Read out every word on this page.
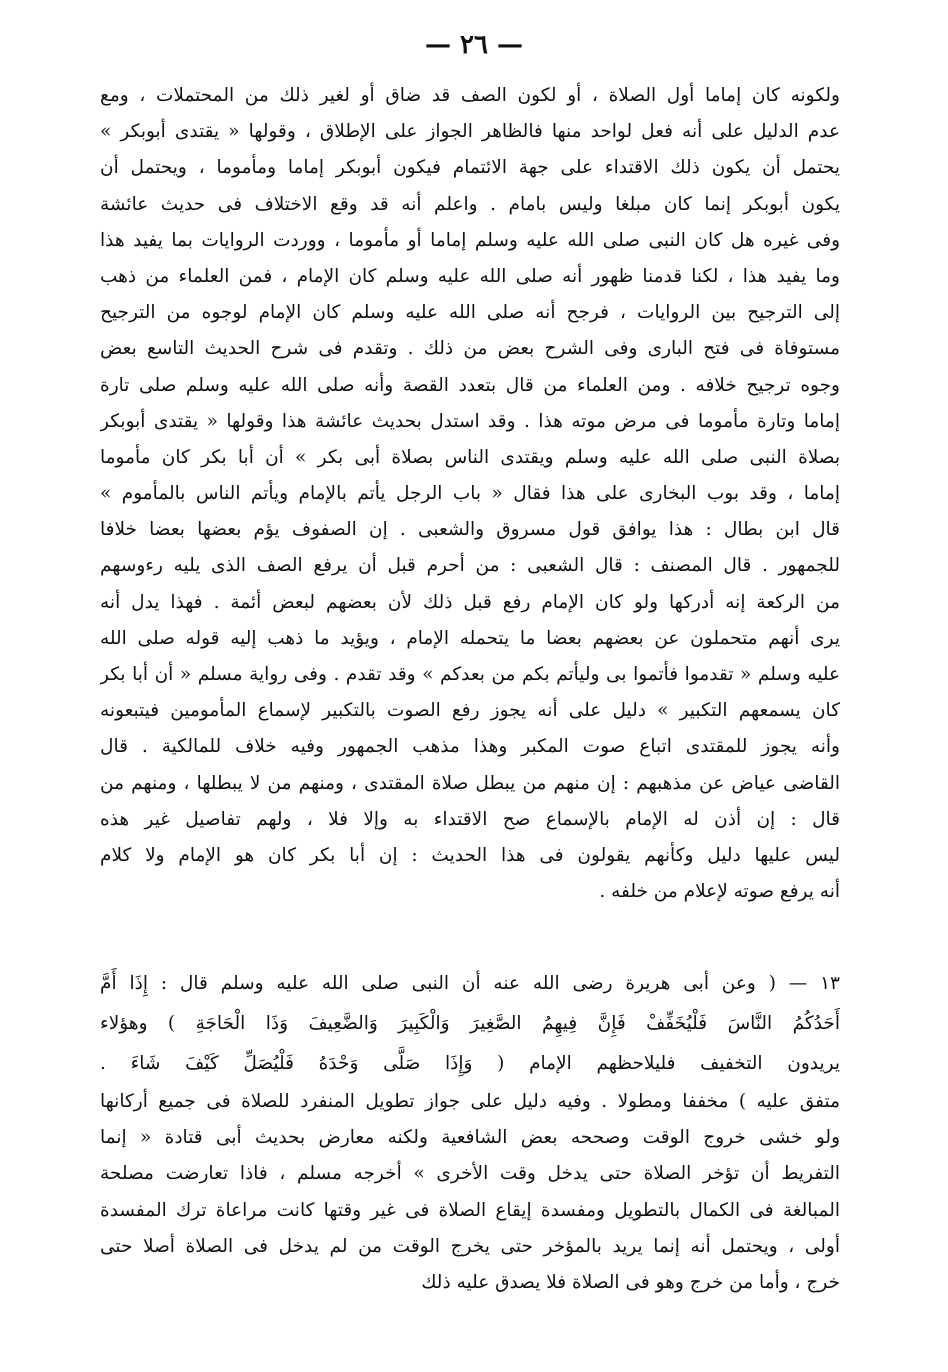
— ٢٦ —
ولكونه كان إماما أول الصلاة ، أو لكون الصف قد ضاق أو لغير ذلك من المحتملات ، ومع
عدم الدليل على أنه فعل لواحد منها فالظاهر الجواز على الإطلاق ، وقولها « يقتدى أبوبكر »
يحتمل أن يكون ذلك الاقتداء على جهة الائتمام فيكون أبوبكر إماما ومأموما ، ويحتمل أن
يكون أبوبكر إنما كان مبلغا وليس بامام . واعلم أنه قد وقع الاختلاف فى حديث عائشة
وفى غيره هل كان النبى صلى الله عليه وسلم إماما أو مأموما ، ووردت الروايات بما يفيد هذا
وما يفيد هذا ، لكنا قدمنا ظهور أنه صلى الله عليه وسلم كان الإمام ، فمن العلماء من ذهب
إلى الترجيح بين الروايات ، فرجح أنه صلى الله عليه وسلم كان الإمام لوجوه من الترجيح
مستوفاة فى فتح البارى وفى الشرح بعض من ذلك . وتقدم فى شرح الحديث التاسع بعض
وجوه ترجيح خلافه . ومن العلماء من قال بتعدد القصة وأنه صلى الله عليه وسلم صلى تارة
إماما وتارة مأموما فى مرض موته هذا . وقد استدل بحديث عائشة هذا وقولها « يقتدى أبوبكر
بصلاة النبى صلى الله عليه وسلم ويقتدى الناس بصلاة أبى بكر » أن أبا بكر كان مأموما
إماما ، وقد بوب البخارى على هذا فقال « باب الرجل يأتم بالإمام ويأتم الناس بالمأموم »
قال ابن بطال : هذا يوافق قول مسروق والشعبى . إن الصفوف يؤم بعضها بعضا خلافا
للجمهور . قال المصنف : قال الشعبى : من أحرم قبل أن يرفع الصف الذى يليه رءوسهم
من الركعة إنه أدركها ولو كان الإمام رفع قبل ذلك لأن بعضهم لبعض أئمة . فهذا يدل أنه
يرى أنهم متحملون عن بعضهم بعضا ما يتحمله الإمام ، ويؤيد ما ذهب إليه قوله صلى الله
عليه وسلم « تقدموا فأتموا بى وليأتم بكم من بعدكم » وقد تقدم . وفى رواية مسلم « أن أبا بكر
كان يسمعهم التكبير » دليل على أنه يجوز رفع الصوت بالتكبير لإسماع المأمومين فيتبعونه
وأنه يجوز للمقتدى اتباع صوت المكبر وهذا مذهب الجمهور وفيه خلاف للمالكية . قال
القاضى عياض عن مذهبهم : إن منهم من يبطل صلاة المقتدى ، ومنهم من لا يبطلها ، ومنهم من
قال : إن أذن له الإمام بالإسماع صح الاقتداء به وإلا فلا ، ولهم تفاصيل غير هذه
ليس عليها دليل وكأنهم يقولون فى هذا الحديث : إن أبا بكر كان هو الإمام ولا كلام
أنه يرفع صوته لإعلام من خلفه .
١٣ — ( وعن أبى هريرة رضى الله عنه أن النبى صلى الله عليه وسلم قال : إِذَا أَمَّ
أَحَدُكُمُ النَّاسَ فَلْيُخَفِّفْ فَإِنَّ فِيهِمُ الصَّغِيرَ وَالْكَبِيرَ وَالضَّعِيفَ وَذَا الْحَاجَةِ ) وهؤلاء
يريدون التخفيف فليلاحظهم الإمام ( وَإِذَا صَلَّى وَحْدَهُ فَلْيُصَلِّ كَيْفَ شَاءَ .
متفق عليه ) مخففا ومطولا . وفيه دليل على جواز تطويل المنفرد للصلاة فى جميع أركانها
ولو خشى خروج الوقت وصححه بعض الشافعية ولكنه معارض بحديث أبى قتادة « إنما
التفريط أن تؤخر الصلاة حتى يدخل وقت الأخرى » أخرجه مسلم ، فاذا تعارضت مصلحة
المبالغة فى الكمال بالتطويل ومفسدة إيقاع الصلاة فى غير وقتها كانت مراعاة ترك المفسدة
أولى ، ويحتمل أنه إنما يريد بالمؤخر حتى يخرج الوقت من لم يدخل فى الصلاة أصلا حتى
خرج ، وأما من خرج وهو فى الصلاة فلا يصدق عليه ذلك
